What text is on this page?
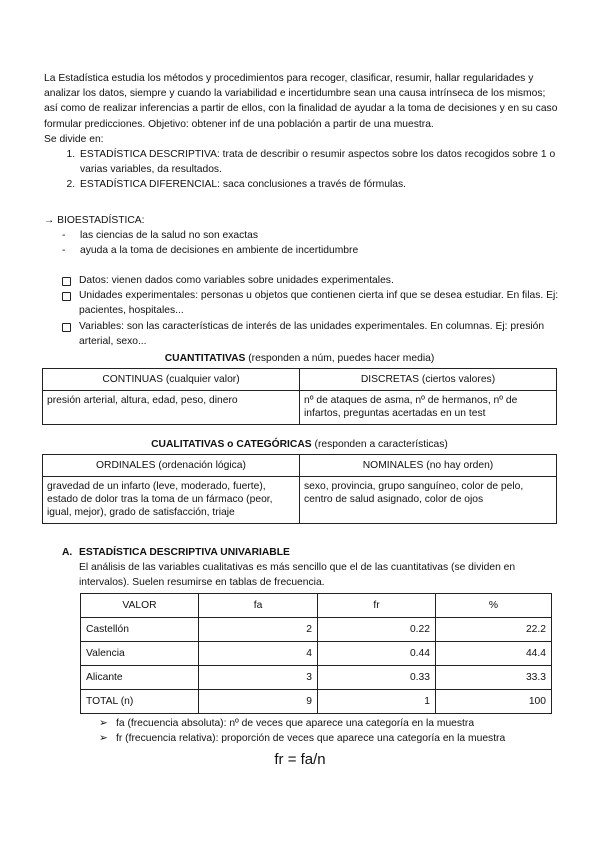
La Estadística estudia los métodos y procedimientos para recoger, clasificar, resumir, hallar regularidades y analizar los datos, siempre y cuando la variabilidad e incertidumbre sean una causa intrínseca de los mismos; así como de realizar inferencias a partir de ellos, con la finalidad de ayudar a la toma de decisiones y en su caso formular predicciones. Objetivo: obtener inf de una población a partir de una muestra.

Se divide en:

1. ESTADÍSTICA DESCRIPTIVA: trata de describir o resumir aspectos sobre los datos recogidos sobre 1 o varias variables, da resultados.
2. ESTADÍSTICA DIFERENCIAL: saca conclusiones a través de fórmulas.
→ BIOESTADÍSTICA:
- las ciencias de la salud no son exactas
- ayuda a la toma de decisiones en ambiente de incertidumbre
Datos: vienen dados como variables sobre unidades experimentales.
Unidades experimentales: personas u objetos que contienen cierta inf que se desea estudiar. En filas. Ej: pacientes, hospitales...
Variables: son las características de interés de las unidades experimentales. En columnas. Ej: presión arterial, sexo...
CUANTITATIVAS (responden a núm, puedes hacer media)
CONTINUAS (cualquier valor)	DISCRETAS (ciertos valores)
presión arterial, altura, edad, peso, dinero	nº de ataques de asma, nº de hermanos, nº de infartos, preguntas acertadas en un test
CUALITATIVAS o CATEGÓRICAS (responden a características)
ORDINALES (ordenación lógica)	NOMINALES (no hay orden)
gravedad de un infarto (leve, moderado, fuerte), estado de dolor tras la toma de un fármaco (peor, igual, mejor), grado de satisfacción, triaje	sexo, provincia, grupo sanguíneo, color de pelo, centro de salud asignado, color de ojos
A. ESTADÍSTICA DESCRIPTIVA UNIVARIABLE
El análisis de las variables cualitativas es más sencillo que el de las cuantitativas (se dividen en intervalos). Suelen resumirse en tablas de frecuencia.
VALOR	fa	fr	%
Castellón	2	0.22	22.2
Valencia	4	0.44	44.4
Alicante	3	0.33	33.3
TOTAL (n)	9	1	100
➢ fa (frecuencia absoluta): nº de veces que aparece una categoría en la muestra
➢ fr (frecuencia relativa): proporción de veces que aparece una categoría en la muestra
fr = fa/n
